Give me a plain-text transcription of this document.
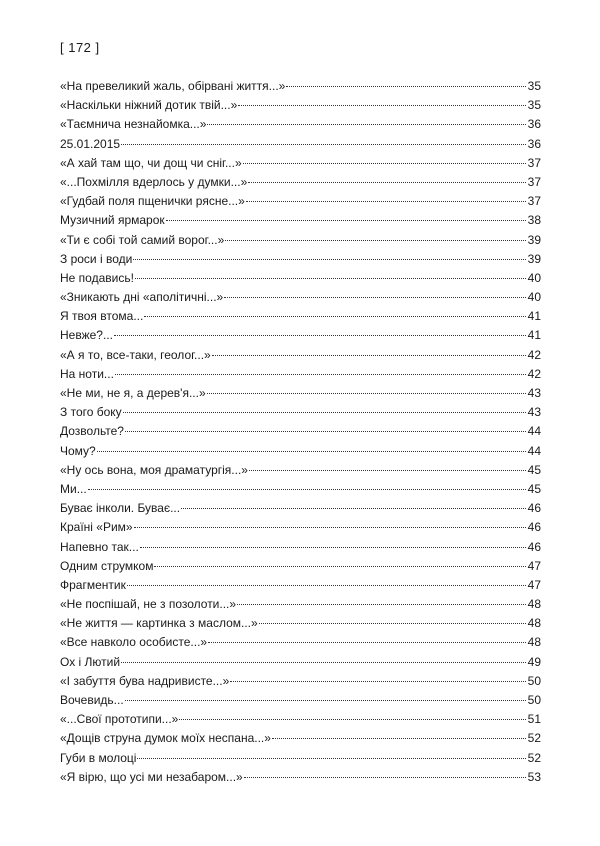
[ 172 ]
«На превеликий жаль, обірвані життя...»	35
«Наскільки ніжний дотик твій...»	35
«Таємнича незнайомка...»	36
25.01.2015	36
«А хай там що, чи дощ чи сніг...»	37
«...Похмілля вдерлось у думки...»	37
«Гудбай поля пщенички рясне...»	37
Музичний ярмарок	38
«Ти є собі той самий ворог...»	39
З роси і води	39
Не подавись!	40
«Зникають дні «аполітичні...»	40
Я твоя втома...	41
Невже?...	41
«А я то, все-таки, геолог...»	42
На ноти...	42
«Не ми, не я, а дерев'я...»	43
З того боку	43
Дозвольте?	44
Чому?	44
«Ну ось вона, моя драматургія...»	45
Ми...	45
Буває інколи. Буває...	46
Країні «Рим»	46
Напевно так...	46
Одним струмком	47
Фрагментик	47
«Не поспішай, не з позолоти...»	48
«Не життя — картинка з маслом...»	48
«Все навколо особисте...»	48
Ох і Лютий	49
«І забуття бува надривисте...»	50
Вочевидь...	50
«...Свої прототипи...»	51
«Дощів струна думок моїх неспана...»	52
Губи в молоці	52
«Я вірю, що усі ми незабаром...»	53
